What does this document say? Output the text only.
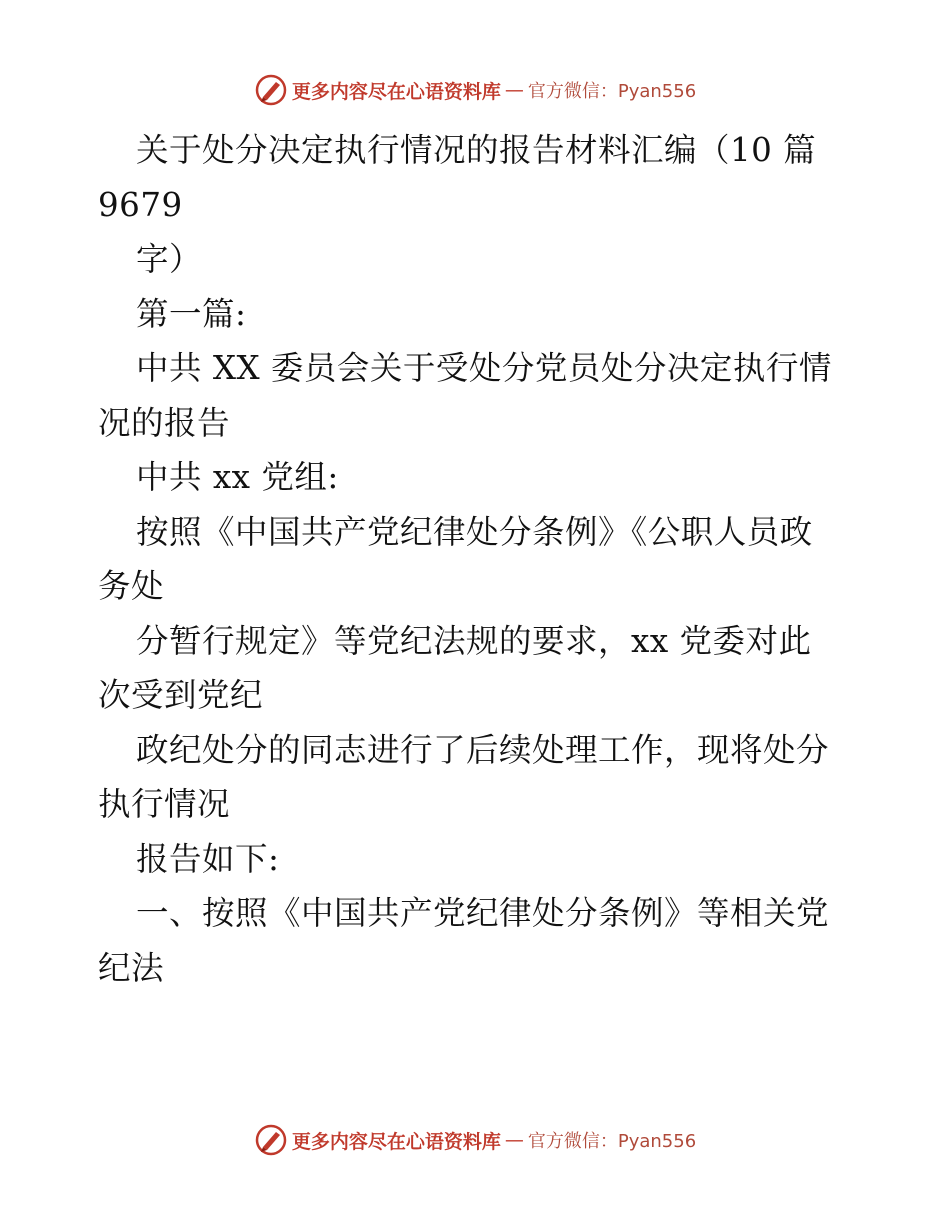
更多内容尽在心语资料库 — 官方微信：Pyan556
关于处分决定执行情况的报告材料汇编（10 篇
9679
字）
第一篇:
中共 XX 委员会关于受处分党员处分决定执行情
况的报告
中共 xx 党组:
按照《中国共产党纪律处分条例》《公职人员政
务处
分暂行规定》等党纪法规的要求，xx 党委对此
次受到党纪
政纪处分的同志进行了后续处理工作，现将处分
执行情况
报告如下:
一、按照《中国共产党纪律处分条例》等相关党
纪法
更多内容尽在心语资料库 — 官方微信：Pyan556
